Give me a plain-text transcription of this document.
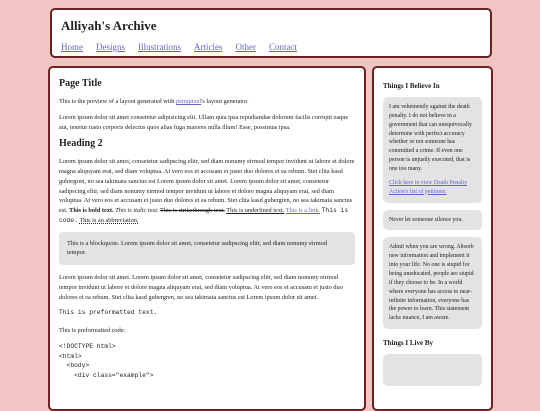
Alliyah's Archive
Home Designs Illustrations Articles Other Contact
Page Title

This is the preview of a layout generated with petrapixel's layout generator.

Lorem ipsum dolor sit amet consetetur adipisicing elit. Ullam quia ipsa repudiandae dolorum facilis corrupti eaque aut, tenetur iusto corporis delectus quos alias fuga maiores nulla illum! Esse, possimus ipsa.

Heading 2

Lorem ipsum dolor sit amet, consetetur sadipscing elitr, sed diam nonumy eirmod tempor invidunt ut labore et dolore magna aliquyam erat, sed diam voluptua. At vero eos et accusam et justo duo dolores et ea rebum. Stet clita kasd gubergren, no sea takimata sanctus est Lorem ipsum dolor sit amet. Lorem ipsum dolor sit amet, consetetur sadipscing elitr, sed diam nonumy eirmod tempor invidunt ut labore et dolore magna aliquyam erat, sed diam voluptua. At vero eos et accusam et justo duo dolores et ea rebum. Stet clita kasd gubergren, no sea takimata sanctus est. This is bold text. This is italic text. This is strikethrough text. This is underlined text. This is a link. This is code. This is an abbreviation.

This is a blockquote. Lorem ipsum dolor sit amet, consetetur sadipscing elitr, sed diam nonumy eirmod tempor.

Lorem ipsum dolor sit amet. Lorem ipsum dolor sit amet, consetetur sadipscing elitr, sed diam nonumy eirmod tempor invidunt ut labore et dolore magna aliquyam erat, sed diam voluptua. At vero eos et accusam et justo duo dolores et ea rebum. Stet clita kasd gubergren, no sea takimata sanctus est Lorem ipsum dolor sit amet.

This is preformatted text.

This is preformatted code:

<!DOCTYPE html>
<html>
<body>
<div class="example">
Things I Believe In

I am vehemently against the death penalty. I do not believe in a government that can unequivocally determine with perfect accuracy whether or not someone has committed a crime. If even one person is unjustly executed, that is one too many.

Click here to view Death Penalty Action's list of petitions.
Never let someone silence you.
Admit when you are wrong. Absorb new information and implement it into your life. No one is stupid for being uneducated, people are stupid if they choose to be. In a world where everyone has access to near-infinite information, everyone has the power to learn. This statement lacks nuance, I am aware.
Things I Live By
